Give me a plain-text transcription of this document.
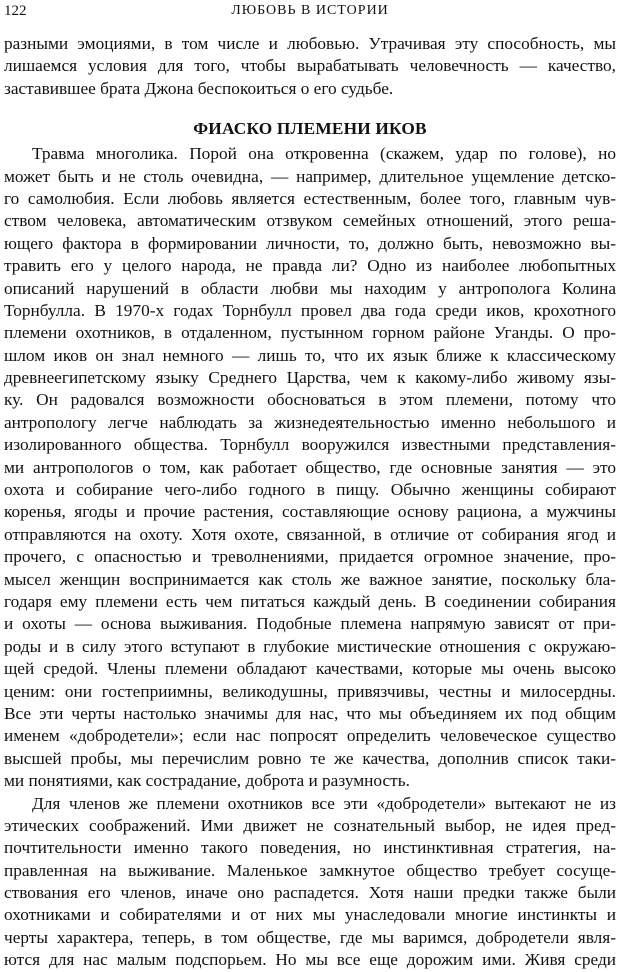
122	ЛЮБОВЬ В ИСТОРИИ
разными эмоциями, в том числе и любовью. Утрачивая эту способность, мы
лишаемся условия для того, чтобы вырабатывать человечность — качество,
заставившее брата Джона беспокоиться о его судьбе.
ФИАСКО ПЛЕМЕНИ ИКОВ
Травма многолика. Порой она откровенна (скажем, удар по голове), но
может быть и не столь очевидна, — например, длительное ущемление детско-
го самолюбия. Если любовь является естественным, более того, главным чув-
ством человека, автоматическим отзвуком семейных отношений, этого реша-
ющего фактора в формировании личности, то, должно быть, невозможно вы-
травить его у целого народа, не правда ли? Одно из наиболее любопытных
описаний нарушений в области любви мы находим у антрополога Колина
Торнбулла. В 1970-х годах Торнбулл провел два года среди иков, крохотного
племени охотников, в отдаленном, пустынном горном районе Уганды. О про-
шлом иков он знал немного — лишь то, что их язык ближе к классическому
древнеегипетскому языку Среднего Царства, чем к какому-либо живому язы-
ку. Он радовался возможности обосноваться в этом племени, потому что
антропологу легче наблюдать за жизнедеятельностью именно небольшого и
изолированного общества. Торнбулл вооружился известными представления-
ми антропологов о том, как работает общество, где основные занятия — это
охота и собирание чего-либо годного в пищу. Обычно женщины собирают
коренья, ягоды и прочие растения, составляющие основу рациона, а мужчины
отправляются на охоту. Хотя охоте, связанной, в отличие от собирания ягод и
прочего, с опасностью и треволнениями, придается огромное значение, про-
мысел женщин воспринимается как столь же важное занятие, поскольку бла-
годаря ему племени есть чем питаться каждый день. В соединении собирания
и охоты — основа выживания. Подобные племена напрямую зависят от при-
роды и в силу этого вступают в глубокие мистические отношения с окружаю-
щей средой. Члены племени обладают качествами, которые мы очень высоко
ценим: они гостеприимны, великодушны, привязчивы, честны и милосердны.
Все эти черты настолько значимы для нас, что мы объединяем их под общим
именем «добродетели»; если нас попросят определить человеческое существо
высшей пробы, мы перечислим ровно те же качества, дополнив список таки-
ми понятиями, как сострадание, доброта и разумность.
Для членов же племени охотников все эти «добродетели» вытекают не из
этических соображений. Ими движет не сознательный выбор, не идея пред-
почтительности именно такого поведения, но инстинктивная стратегия, на-
правленная на выживание. Маленькое замкнутое общество требует сосуще-
ствования его членов, иначе оно распадется. Хотя наши предки также были
охотниками и собирателями и от них мы унаследовали многие инстинкты и
черты характера, теперь, в том обществе, где мы варимся, добродетели явля-
ются для нас малым подспорьем. Но мы все еще дорожим ими. Живя среди
